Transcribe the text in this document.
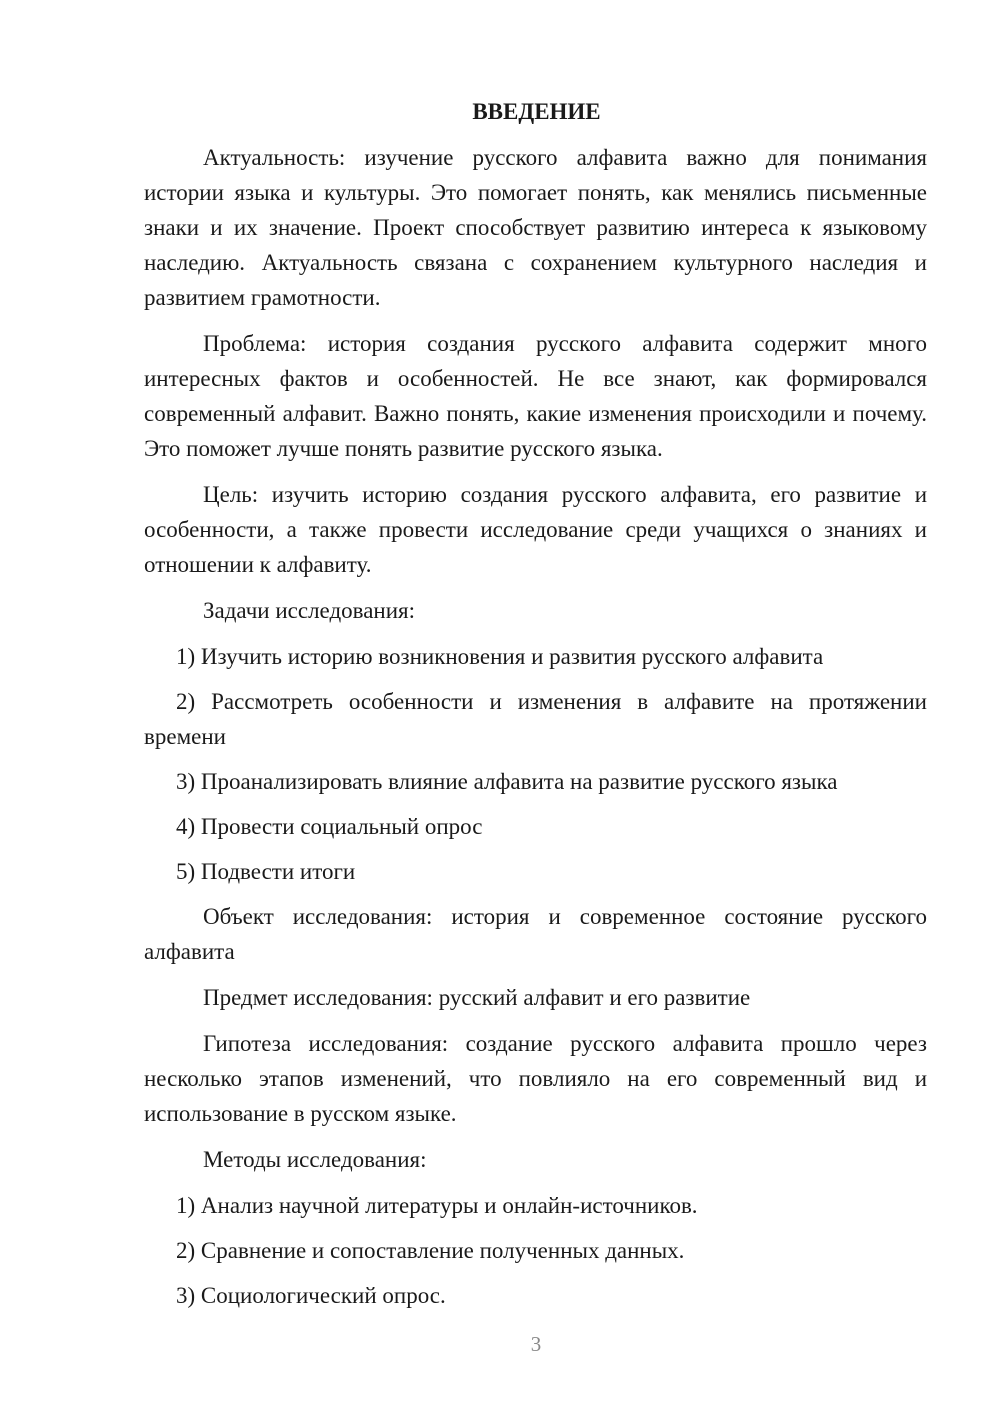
ВВЕДЕНИЕ
Актуальность: изучение русского алфавита важно для понимания истории языка и культуры. Это помогает понять, как менялись письменные знаки и их значение. Проект способствует развитию интереса к языковому наследию. Актуальность связана с сохранением культурного наследия и развитием грамотности.
Проблема: история создания русского алфавита содержит много интересных фактов и особенностей. Не все знают, как формировался современный алфавит. Важно понять, какие изменения происходили и почему. Это поможет лучше понять развитие русского языка.
Цель: изучить историю создания русского алфавита, его развитие и особенности, а также провести исследование среди учащихся о знаниях и отношении к алфавиту.
Задачи исследования:
1) Изучить историю возникновения и развития русского алфавита
2) Рассмотреть особенности и изменения в алфавите на протяжении времени
3) Проанализировать влияние алфавита на развитие русского языка
4) Провести социальный опрос
5) Подвести итоги
Объект исследования: история и современное состояние русского алфавита
Предмет исследования: русский алфавит и его развитие
Гипотеза исследования: создание русского алфавита прошло через несколько этапов изменений, что повлияло на его современный вид и использование в русском языке.
Методы исследования:
1) Анализ научной литературы и онлайн-источников.
2) Сравнение и сопоставление полученных данных.
3) Социологический опрос.
3
